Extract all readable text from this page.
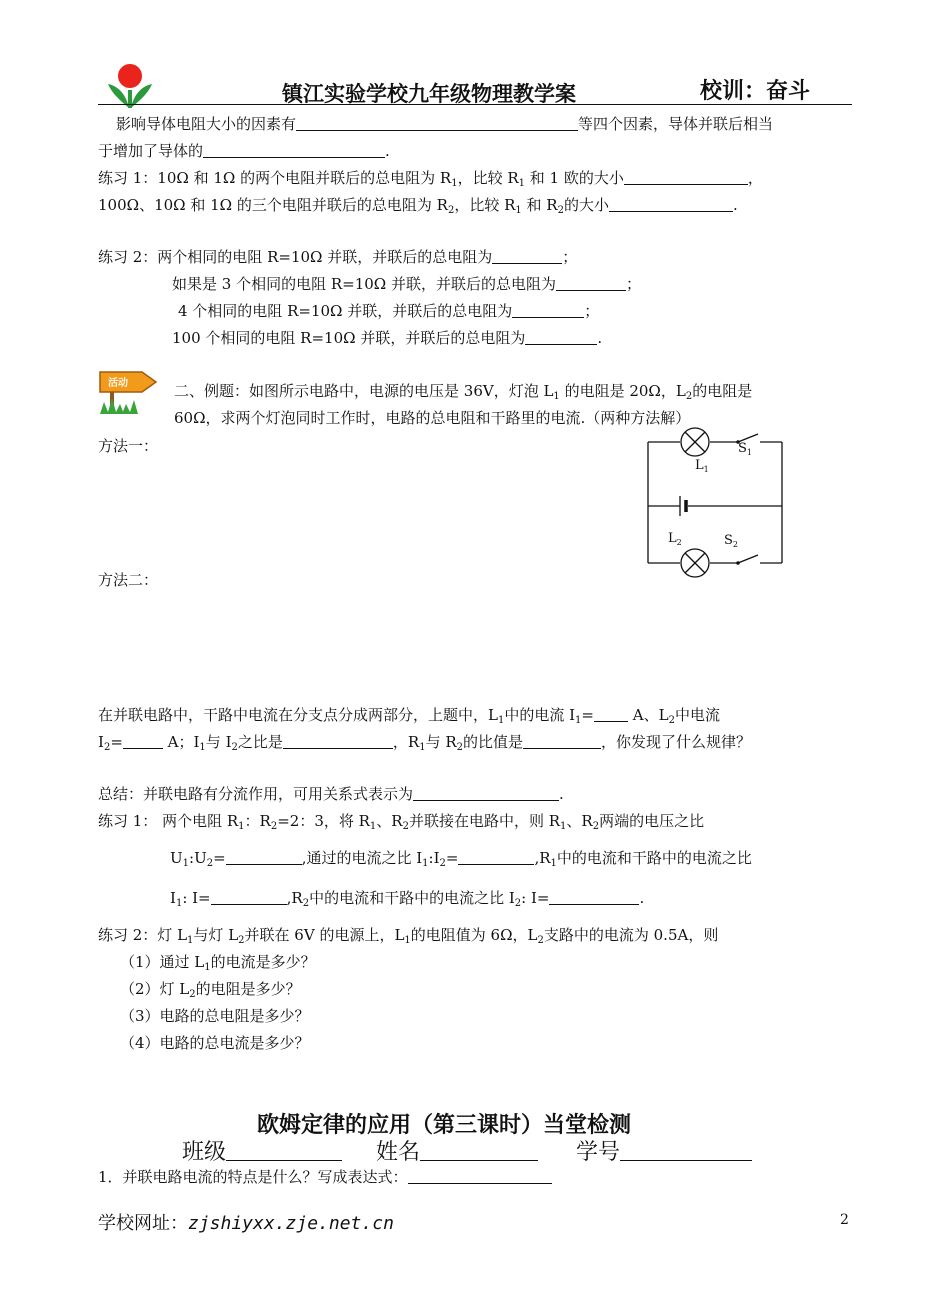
镇江实验学校九年级物理教学案	校训：奋斗
影响导体电阻大小的因素有	等四个因素，导体并联后相当
于增加了导体的	.
练习 1：10Ω 和 1Ω 的两个电阻并联后的总电阻为 $R_1$，比较 $R_1$ 和 1 欧的大小	，
100Ω、10Ω 和 1Ω 的三个电阻并联后的总电阻为 $R_2$，比较 $R_1$ 和 $R_2$的大小	.
练习 2：两个相同的电阻 R=10Ω 并联，并联后的总电阻为	；
如果是 3 个相同的电阻 R=10Ω 并联，并联后的总电阻为	；
4 个相同的电阻 R=10Ω 并联，并联后的总电阻为	；
100 个相同的电阻 R=10Ω 并联，并联后的总电阻为	.
活动	二、例题：如图所示电路中，电源的电压是 36V，灯泡 $L_1$ 的电阻是 20Ω，$L_2$的电阻是
60Ω，求两个灯泡同时工作时，电路的总电阻和干路里的电流.（两种方法解）
方法一：
方法二：
$L_1$
$S_1$
$L_2$	$S_2$
在并联电路中，干路中电流在分支点分成两部分，上题中，$L_1$中的电流 $I_1= A$、$L_2$中电流
$I_2=$	A；$I_1$与 $I_2$之比是	，$R_1$与 $R_2$的比值是	，你发现了什么规律？
总结：并联电路有分流作用，可用关系式表示为	.
练习 1： 两个电阻 $R_1$：$R_2=2$：3，将 $R_1$、$R_2$并联接在电路中，则 $R_1$、$R_2$两端的电压之比
$U_1:U_2=$	,通过的电流之比 $I_1:I_2=$	$,R_1$中的电流和干路中的电流之比
$I_1$: I=	$,R_2$中的电流和干路中的电流之比 $I_2$: I=	.
练习 2：灯 $L_1$与灯 $L_2$并联在 6V 的电源上，$L_1$的电阻值为 6Ω，$L_2$支路中的电流为 0.5A，则
（1）通过 $L_1$的电流是多少？
（2）灯 $L_2$的电阻是多少？
（3）电路的总电阻是多少？
（4）电路的总电流是多少？
欧姆定律的应用（第三课时）当堂检测
班级	姓名	学号
1．并联电路电流的特点是什么？写成表达式：
学校网址：zjshiyxx.zje.net.cn	2
